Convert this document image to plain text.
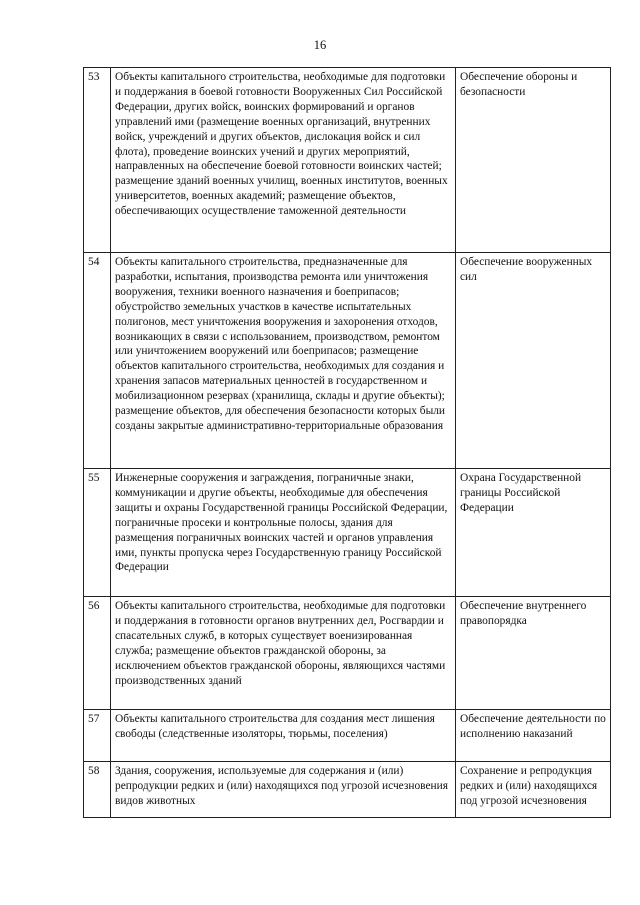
16
53	Объекты капитального строительства, необходимые для подготовки и поддержания в боевой готовности Вооруженных Сил Российской Федерации, других войск, воинских формирований и органов управлений ими (размещение военных организаций, внутренних войск, учреждений и других объектов, дислокация войск и сил флота), проведение воинских учений и других мероприятий, направленных на обеспечение боевой готовности воинских частей; размещение зданий военных училищ, военных институтов, военных университетов, военных академий; размещение объектов, обеспечивающих осуществление таможенной деятельности	Обеспечение обороны и безопасности
54	Объекты капитального строительства, предназначенные для разработки, испытания, производства ремонта или уничтожения вооружения, техники военного назначения и боеприпасов; обустройство земельных участков в качестве испытательных полигонов, мест уничтожения вооружения и захоронения отходов, возникающих в связи с использованием, производством, ремонтом или уничтожением вооружений или боеприпасов; размещение объектов капитального строительства, необходимых для создания и хранения запасов материальных ценностей в государственном и мобилизационном резервах (хранилища, склады и другие объекты); размещение объектов, для обеспечения безопасности которых были созданы закрытые административно-территориальные образования	Обеспечение вооруженных сил
55	Инженерные сооружения и заграждения, пограничные знаки, коммуникации и другие объекты, необходимые для обеспечения защиты и охраны Государственной границы Российской Федерации, пограничные просеки и контрольные полосы, здания для размещения пограничных воинских частей и органов управления ими, пункты пропуска через Государственную границу Российской Федерации	Охрана Государственной границы Российской Федерации
56	Объекты капитального строительства, необходимые для подготовки и поддержания в готовности органов внутренних дел, Росгвардии и спасательных служб, в которых существует военизированная служба; размещение объектов гражданской обороны, за исключением объектов гражданской обороны, являющихся частями производственных зданий	Обеспечение внутреннего правопорядка
57	Объекты капитального строительства для создания мест лишения свободы (следственные изоляторы, тюрьмы, поселения)	Обеспечение деятельности по исполнению наказаний
58	Здания, сооружения, используемые для содержания и (или) репродукции редких и (или) находящихся под угрозой исчезновения видов животных	Сохранение и репродукция редких и (или) находящихся под угрозой исчезновения
